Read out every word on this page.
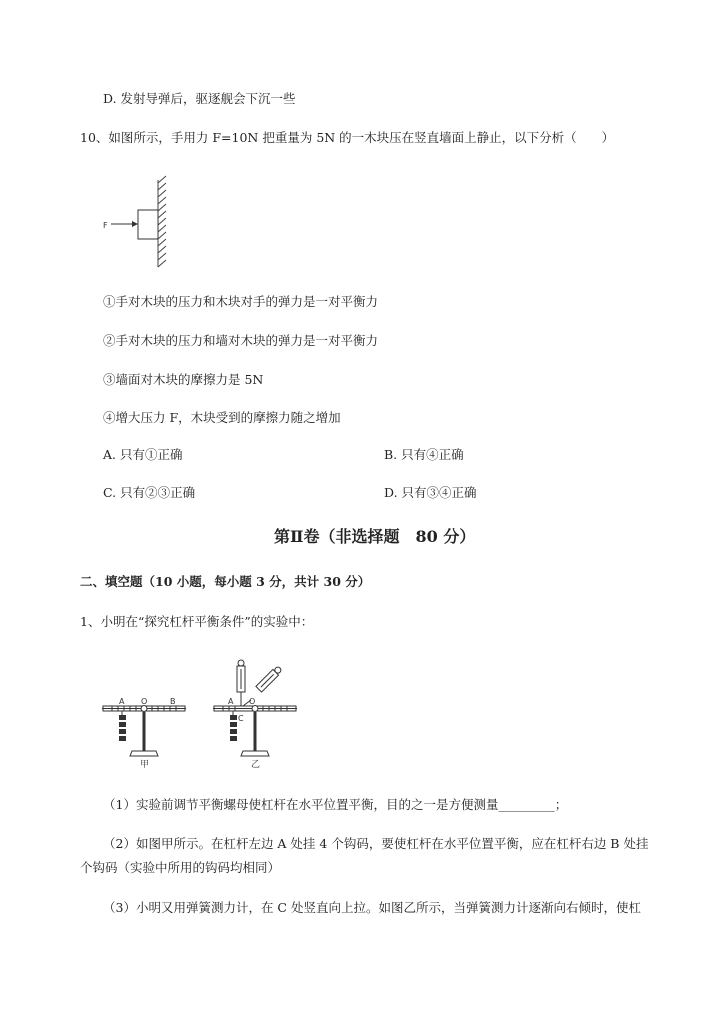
D. 发射导弹后，驱逐舰会下沉一些
10、如图所示，手用力 F=10N 把重量为 5N 的一木块压在竖直墙面上静止，以下分析（　　）
F
①手对木块的压力和木块对手的弹力是一对平衡力
②手对木块的压力和墙对木块的弹力是一对平衡力
③墙面对木块的摩擦力是 5N
④增大压力 F，木块受到的摩擦力随之增加
A. 只有①正确	B. 只有④正确
C. 只有②③正确	D. 只有③④正确
第Ⅱ卷（非选择题　80 分）
二、填空题（10 小题，每小题 3 分，共计 30 分）
1、小明在“探究杠杆平衡条件”的实验中：
A O	B
甲
A O
C
乙
（1）实验前调节平衡螺母使杠杆在水平位置平衡，目的之一是方便测量_________；
（2）如图甲所示。在杠杆左边 A 处挂 4 个钩码，要使杠杆在水平位置平衡，应在杠杆右边 B 处挂
个钩码（实验中所用的钩码均相同）
（3）小明又用弹簧测力计，在 C 处竖直向上拉。如图乙所示，当弹簧测力计逐渐向右倾时，使杠
